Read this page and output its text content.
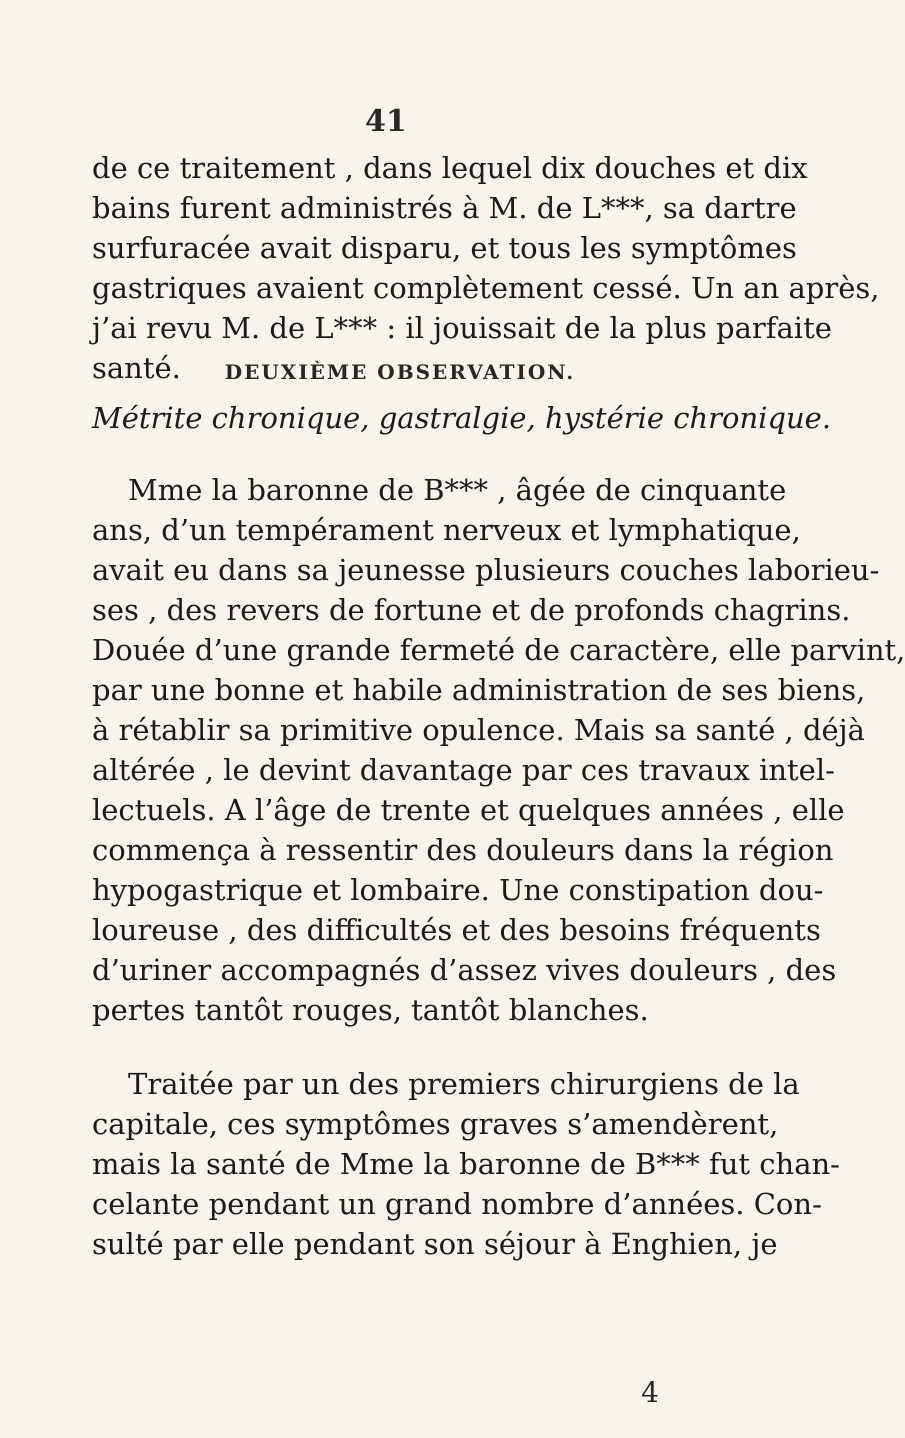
41
de ce traitement , dans lequel dix douches et dix
bains furent administrés à M. de L***, sa dartre
surfuracée avait disparu, et tous les symptômes
gastriques avaient complètement cessé. Un an après,
j’ai revu M. de L*** : il jouissait de la plus parfaite
santé.	DEUXIÈME OBSERVATION.
Métrite chronique, gastralgie, hystérie chronique.
Mme la baronne de B*** , âgée de cinquante
ans, d’un tempérament nerveux et lymphatique,
avait eu dans sa jeunesse plusieurs couches laborieu-
ses , des revers de fortune et de profonds chagrins.
Douée d’une grande fermeté de caractère, elle parvint,
par une bonne et habile administration de ses biens,
à rétablir sa primitive opulence. Mais sa santé , déjà
altérée , le devint davantage par ces travaux intel-
lectuels. A l’âge de trente et quelques années , elle
commença à ressentir des douleurs dans la région
hypogastrique et lombaire. Une constipation dou-
loureuse , des difficultés et des besoins fréquents
d’uriner accompagnés d’assez vives douleurs , des
pertes tantôt rouges, tantôt blanches.
Traitée par un des premiers chirurgiens de la
capitale, ces symptômes graves s’amendèrent,
mais la santé de Mme la baronne de B*** fut chan-
celante pendant un grand nombre d’années. Con-
sulté par elle pendant son séjour à Enghien, je
4
